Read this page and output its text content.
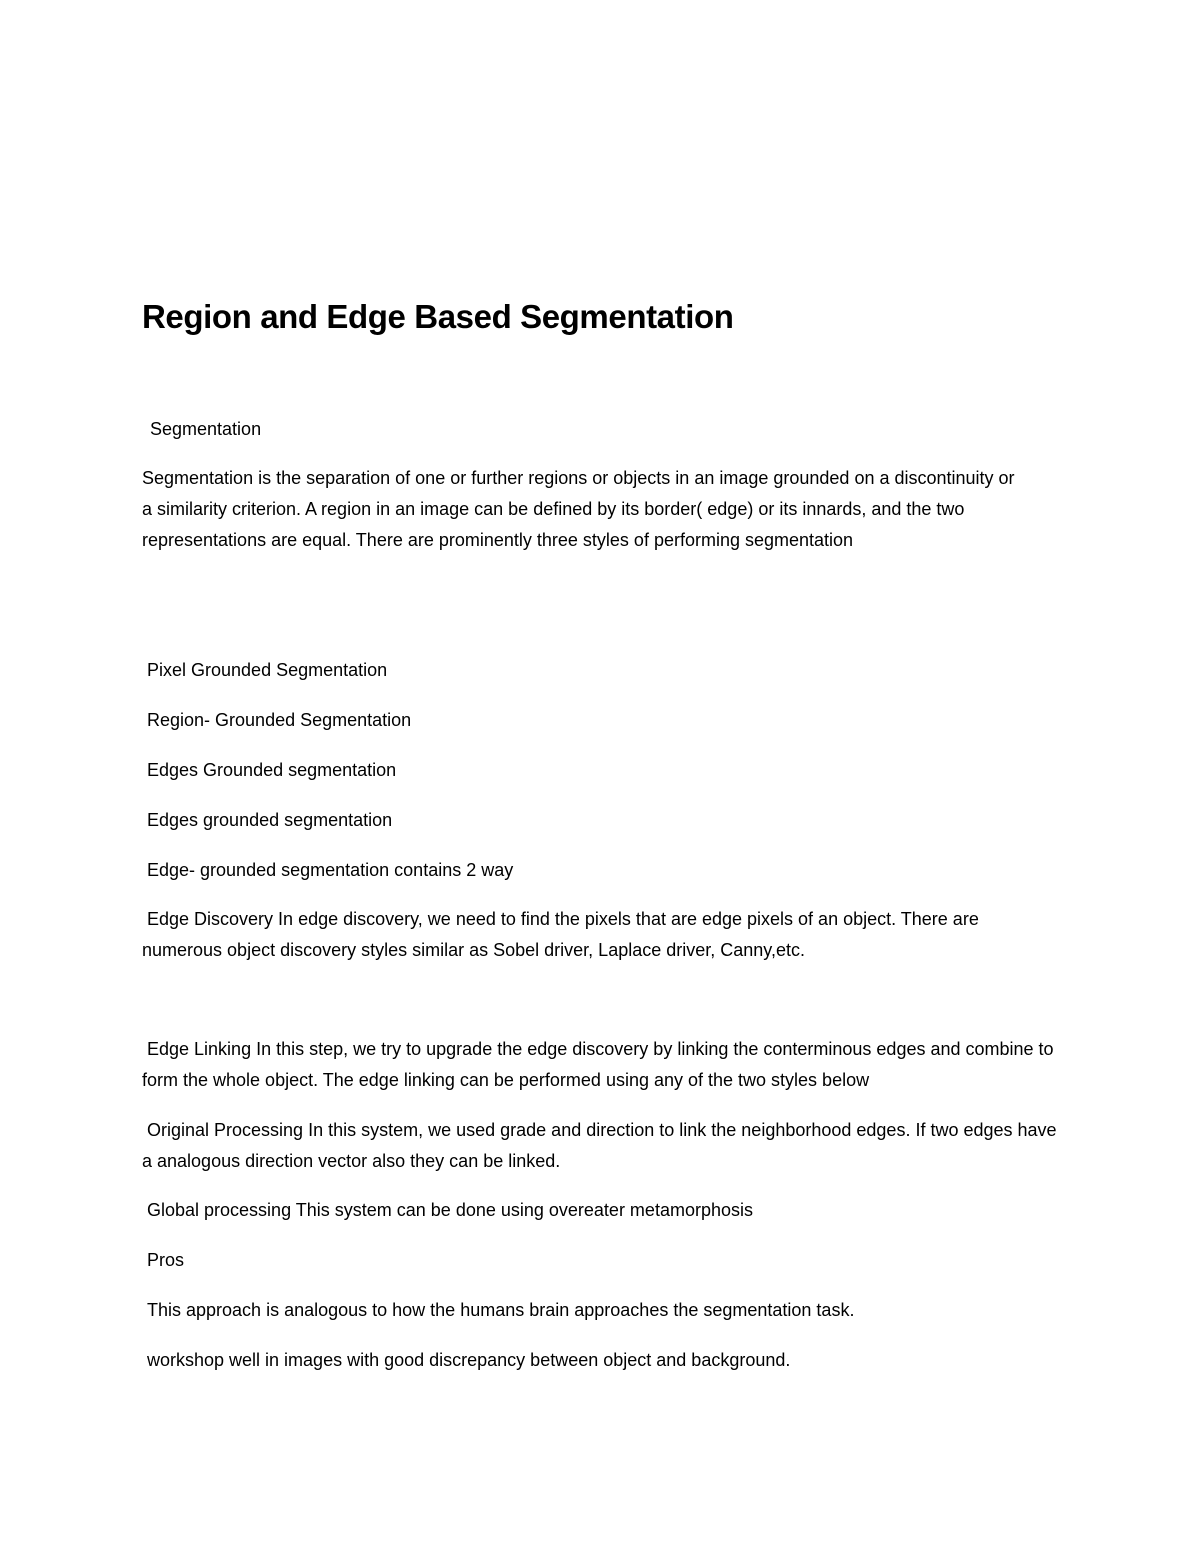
Region and Edge Based Segmentation

Segmentation

Segmentation is the separation of one or further regions or objects in an image grounded on a discontinuity or a similarity criterion. A region in an image can be defined by its border( edge) or its innards, and the two representations are equal. There are prominently three styles of performing segmentation

Pixel Grounded Segmentation

Region- Grounded Segmentation

Edges Grounded segmentation

Edges grounded segmentation

Edge- grounded segmentation contains 2 way

Edge Discovery In edge discovery, we need to find the pixels that are edge pixels of an object. There are numerous object discovery styles similar as Sobel driver, Laplace driver, Canny,etc.

Edge Linking In this step, we try to upgrade the edge discovery by linking the conterminous edges and combine to form the whole object. The edge linking can be performed using any of the two styles below

Original Processing In this system, we used grade and direction to link the neighborhood edges. If two edges have a analogous direction vector also they can be linked.

Global processing This system can be done using overeater metamorphosis

Pros

This approach is analogous to how the humans brain approaches the segmentation task.

workshop well in images with good discrepancy between object and background.
